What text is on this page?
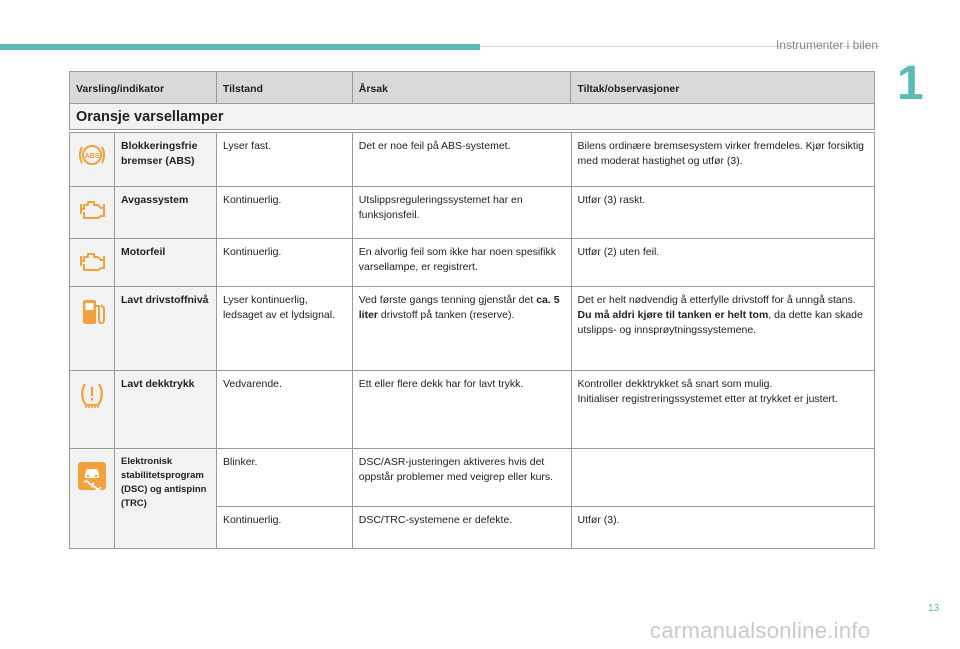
Instrumenter i bilen
1
Varsling/indikator	Tilstand	Årsak	Tiltak/observasjoner
Oransje varsellamper
ABS	Blokkeringsfrie bremser (ABS)	Lyser fast.	Det er noe feil på ABS-systemet.	Bilens ordinære bremsesystem virker fremdeles. Kjør forsiktig med moderat hastighet og utfør (3).

	Avgassystem	Kontinuerlig.	Utslippsreguleringssystemet har en funksjonsfeil.	Utfør (3) raskt.

	Motorfeil	Kontinuerlig.	En alvorlig feil som ikke har noen spesifikk varsellampe, er registrert.	Utfør (2) uten feil.

	Lavt drivstoffnivå	Lyser kontinuerlig, ledsaget av et lydsignal.	Ved første gangs tenning gjenstår det ca. 5 liter drivstoff på tanken (reserve).	Det er helt nødvendig å etterfylle drivstoff for å unngå stans.
Du må aldri kjøre til tanken er helt tom, da dette kan skade utslipps- og innsprøytningssystemene.

	Lavt dekktrykk	Vedvarende.	Ett eller flere dekk har for lavt trykk.	Kontroller dekktrykket så snart som mulig.
Initialiser registreringssystemet etter at trykket er justert.

	Elektronisk stabilitetsprogram (DSC) og antispinn (TRC)	Blinker.	DSC/ASR-justeringen aktiveres hvis det oppstår problemer med veigrep eller kurs.	
		Kontinuerlig.	DSC/TRC-systemene er defekte.	Utfør (3).
13
carmanualsonline.info
